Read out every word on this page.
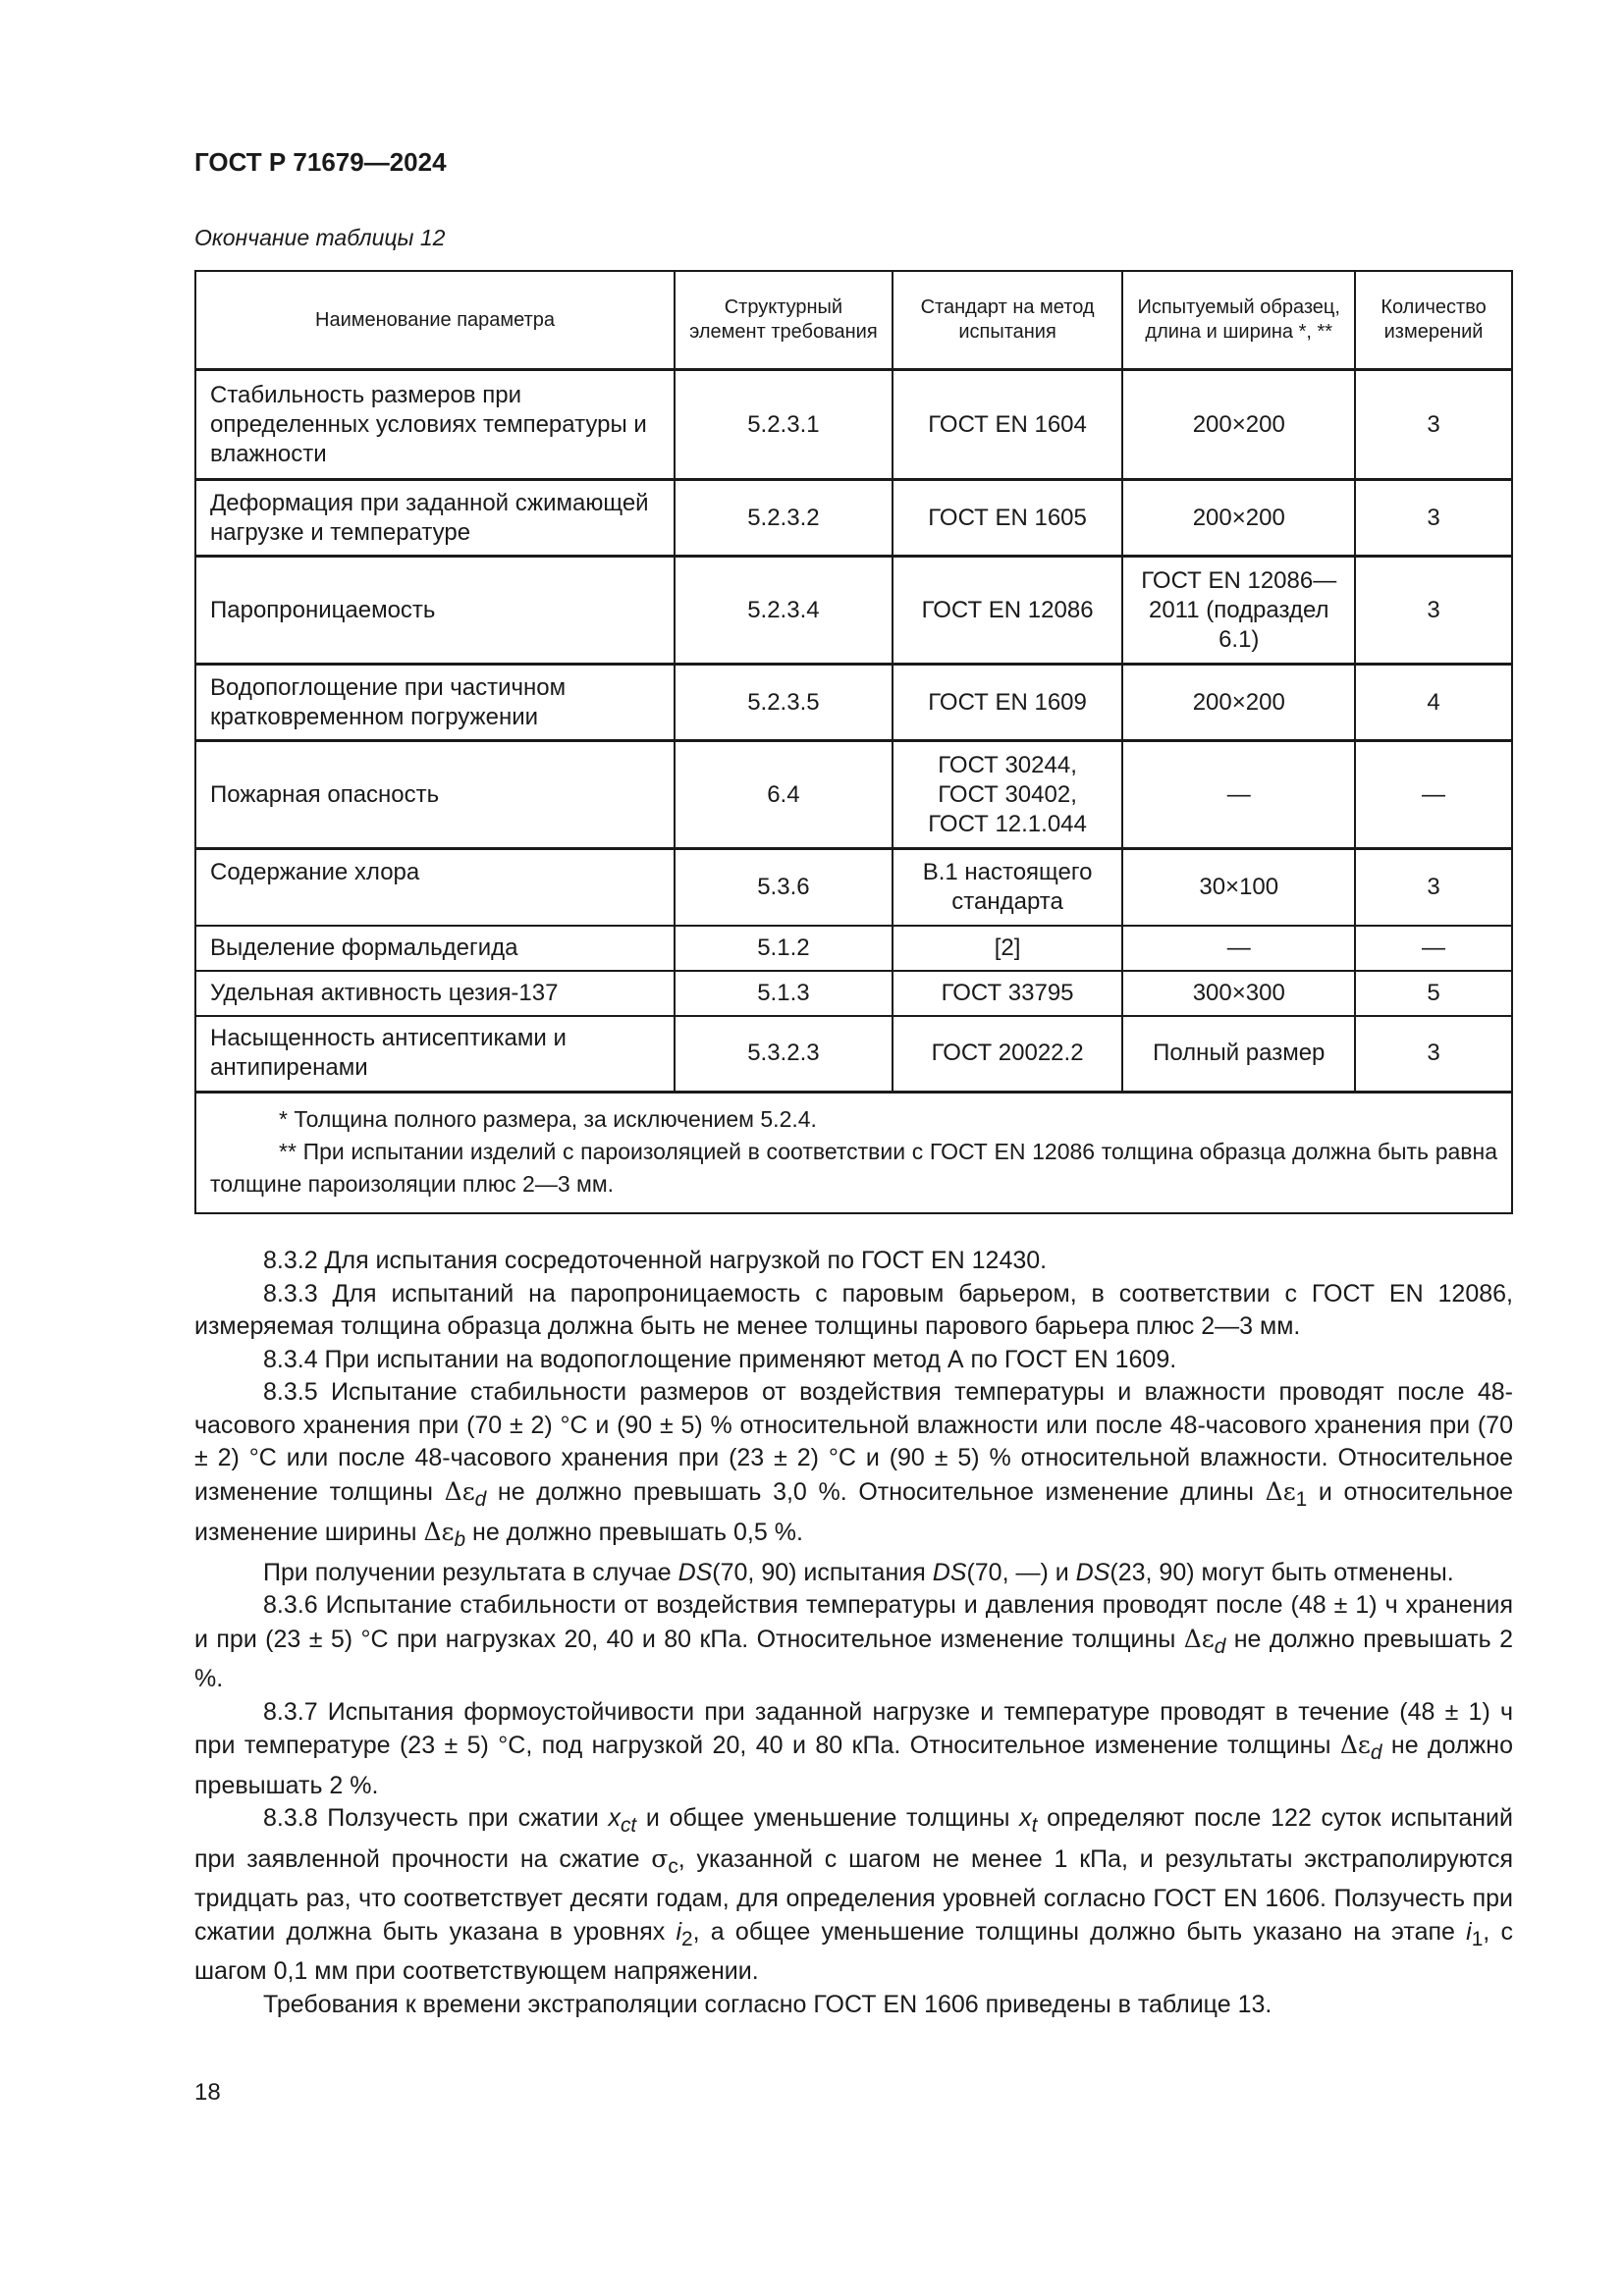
ГОСТ Р 71679—2024
Окончание таблицы 12
Наименование параметра	Структурный элемент требования	Стандарт на метод испытания	Испытуемый образец, длина и ширина *, **	Количество измерений
Стабильность размеров при определенных условиях температуры и влажности	5.2.3.1	ГОСТ EN 1604	200×200	3
Деформация при заданной сжимающей нагрузке и температуре	5.2.3.2	ГОСТ EN 1605	200×200	3
Паропроницаемость	5.2.3.4	ГОСТ EN 12086	ГОСТ EN 12086—2011 (подраздел 6.1)	3
Водопоглощение при частичном кратковременном погружении	5.2.3.5	ГОСТ EN 1609	200×200	4
Пожарная опасность	6.4	ГОСТ 30244, ГОСТ 30402, ГОСТ 12.1.044	—	—
Содержание хлора	5.3.6	В.1 настоящего стандарта	30×100	3
Выделение формальдегида	5.1.2	[2]	—	—
Удельная активность цезия-137	5.1.3	ГОСТ 33795	300×300	5
Насыщенность антисептиками и антипиренами	5.3.2.3	ГОСТ 20022.2	Полный размер	3

* Толщина полного размера, за исключением 5.2.4.
** При испытании изделий с пароизоляцией в соответствии с ГОСТ EN 12086 толщина образца должна быть равна толщине пароизоляции плюс 2—3 мм.				

8.3.2 Для испытания сосредоточенной нагрузкой по ГОСТ EN 12430.

8.3.3 Для испытаний на паропроницаемость с паровым барьером, в соответствии с ГОСТ EN 12086, измеряемая толщина образца должна быть не менее толщины парового барьера плюс 2—3 мм.

8.3.4 При испытании на водопоглощение применяют метод А по ГОСТ EN 1609.

8.3.5 Испытание стабильности размеров от воздействия температуры и влажности проводят после 48-часового хранения при (70 ± 2) °С и (90 ± 5) % относительной влажности или после 48-часового хранения при (70 ± 2) °С или после 48-часового хранения при (23 ± 2) °С и (90 ± 5) % относительной влажности. Относительное изменение толщины $\Delta\varepsilon_d$ не должно превышать 3,0 %. Относительное изменение длины $\Delta\varepsilon_1$ и относительное изменение ширины $\Delta\varepsilon_b$ не должно превышать 0,5 %.

При получении результата в случае DS(70, 90) испытания DS(70, —) и DS(23, 90) могут быть отменены.

8.3.6 Испытание стабильности от воздействия температуры и давления проводят после (48 ± 1) ч хранения и при (23 ± 5) °С при нагрузках 20, 40 и 80 кПа. Относительное изменение толщины $\Delta\varepsilon_d$ не должно превышать 2 %.

8.3.7 Испытания формоустойчивости при заданной нагрузке и температуре проводят в течение (48 ± 1) ч при температуре (23 ± 5) °С, под нагрузкой 20, 40 и 80 кПа. Относительное изменение толщины $\Delta\varepsilon_d$ не должно превышать 2 %.

8.3.8 Ползучесть при сжатии $x_{ct}$ и общее уменьшение толщины $x_t$ определяют после 122 суток испытаний при заявленной прочности на сжатие $\sigma_c$, указанной с шагом не менее 1 кПа, и результаты экстраполируются тридцать раз, что соответствует десяти годам, для определения уровней согласно ГОСТ EN 1606. Ползучесть при сжатии должна быть указана в уровнях $i_2$, а общее уменьшение толщины должно быть указано на этапе $i_1$, с шагом 0,1 мм при соответствующем напряжении.

Требования к времени экстраполяции согласно ГОСТ EN 1606 приведены в таблице 13.

18
